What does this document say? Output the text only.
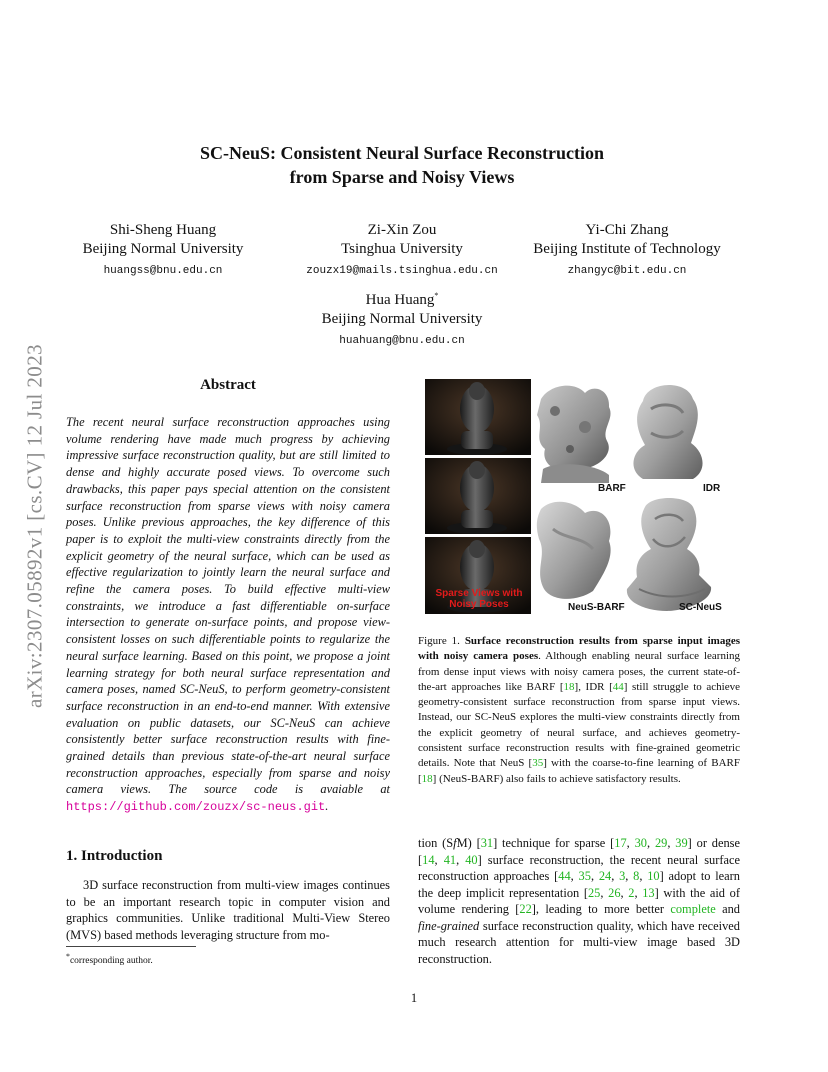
arXiv:2307.05892v1 [cs.CV] 12 Jul 2023
SC-NeuS: Consistent Neural Surface Reconstruction
from Sparse and Noisy Views
Shi-Sheng Huang
Beijing Normal University
huangss@bnu.edu.cn
Zi-Xin Zou
Tsinghua University
zouzx19@mails.tsinghua.edu.cn
Yi-Chi Zhang
Beijing Institute of Technology
zhangyc@bit.edu.cn
Hua Huang*
Beijing Normal University
huahuang@bnu.edu.cn
Abstract
The recent neural surface reconstruction approaches using volume rendering have made much progress by achieving impressive surface reconstruction quality, but are still limited to dense and highly accurate posed views. To overcome such drawbacks, this paper pays special attention on the consistent surface reconstruction from sparse views with noisy camera poses. Unlike previous approaches, the key difference of this paper is to exploit the multi-view constraints directly from the explicit geometry of the neural surface, which can be used as effective regularization to jointly learn the neural surface and refine the camera poses. To build effective multi-view constraints, we introduce a fast differentiable on-surface intersection to generate on-surface points, and propose view-consistent losses on such differentiable points to regularize the neural surface learning. Based on this point, we propose a joint learning strategy for both neural surface representation and camera poses, named SC-NeuS, to perform geometry-consistent surface reconstruction in an end-to-end manner. With extensive evaluation on public datasets, our SC-NeuS can achieve consistently better surface reconstruction results with fine-grained details than previous state-of-the-art neural surface reconstruction approaches, especially from sparse and noisy camera views. The source code is avaiable at https://github.com/zouzx/sc-neus.git.
BARF	IDR
NeuS-BARF	SC-NeuS
Sparse Views with
Noisy Poses
Figure 1. Surface reconstruction results from sparse input images with noisy camera poses. Although enabling neural surface learning from dense input views with noisy camera poses, the current state-of-the-art approaches like BARF [18], IDR [44] still struggle to achieve geometry-consistent surface reconstruction from sparse input views. Instead, our SC-NeuS explores the multi-view constraints directly from the explicit geometry of neural surface, and achieves geometry-consistent surface reconstruction results with fine-grained geometric details. Note that NeuS [35] with the coarse-to-fine learning of BARF [18] (NeuS-BARF) also fails to achieve satisfactory results.
1. Introduction
3D surface reconstruction from multi-view images continues to be an important research topic in computer vision and graphics communities. Unlike traditional Multi-View Stereo (MVS) based methods leveraging structure from mo-
tion (SfM) [31] technique for sparse [17, 30, 29, 39] or dense [14, 41, 40] surface reconstruction, the recent neural surface reconstruction approaches [44, 35, 24, 3, 8, 10] adopt to learn the deep implicit representation [25, 26, 2, 13] with the aid of volume rendering [22], leading to more better complete and fine-grained surface reconstruction quality, which have received much research attention for multi-view image based 3D reconstruction.
*corresponding author.
1
